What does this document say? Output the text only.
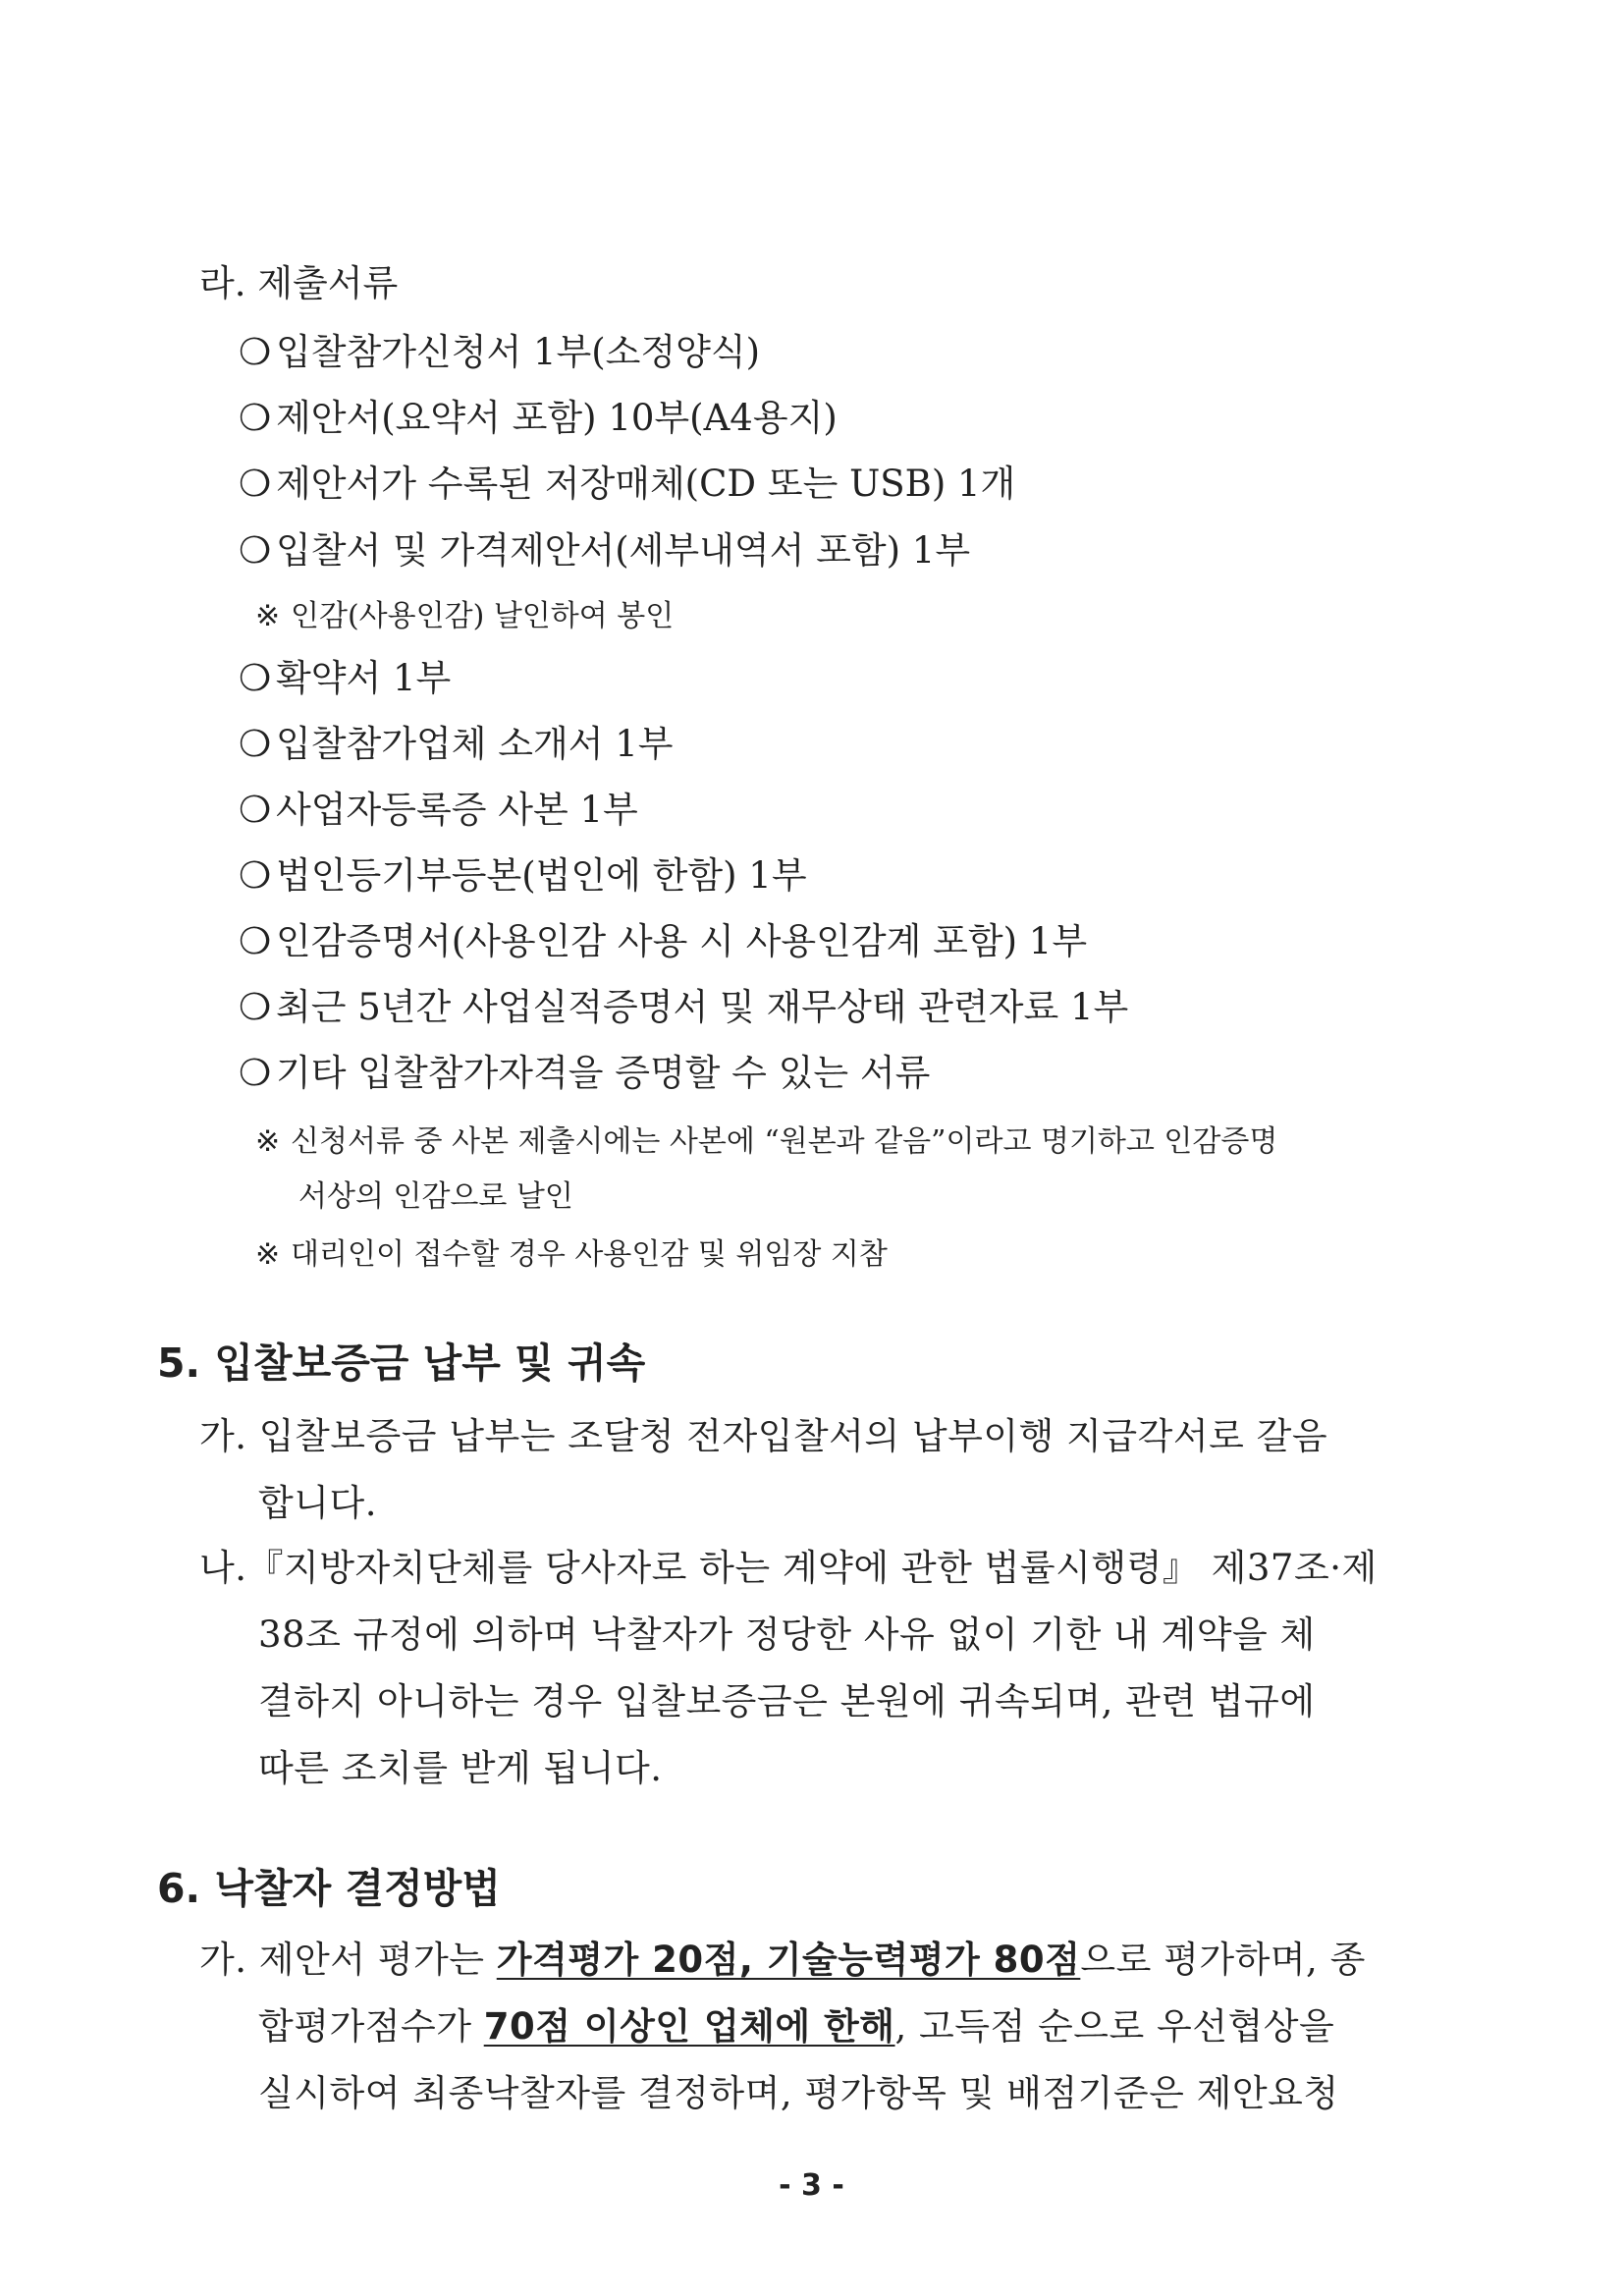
라. 제출서류
❍ 입찰참가신청서 1부(소정양식)
❍ 제안서(요약서 포함) 10부(A4용지)
❍ 제안서가 수록된 저장매체(CD 또는 USB) 1개
❍ 입찰서 및 가격제안서(세부내역서 포함) 1부
※ 인감(사용인감) 날인하여 봉인
❍ 확약서 1부
❍ 입찰참가업체 소개서 1부
❍ 사업자등록증 사본 1부
❍ 법인등기부등본(법인에 한함) 1부
❍ 인감증명서(사용인감 사용 시 사용인감계 포함) 1부
❍ 최근 5년간 사업실적증명서 및 재무상태 관련자료 1부
❍ 기타 입찰참가자격을 증명할 수 있는 서류
※ 신청서류 중 사본 제출시에는 사본에 “원본과 같음”이라고 명기하고 인감증명
서상의 인감으로 날인
※ 대리인이 접수할 경우 사용인감 및 위임장 지참
5. 입찰보증금 납부 및 귀속
가. 입찰보증금 납부는 조달청 전자입찰서의 납부이행 지급각서로 갈음
합니다.
나.『지방자치단체를 당사자로 하는 계약에 관한 법률시행령』 제37조·제
38조 규정에 의하며 낙찰자가 정당한 사유 없이 기한 내 계약을 체
결하지 아니하는 경우 입찰보증금은 본원에 귀속되며, 관련 법규에
따른 조치를 받게 됩니다.
6. 낙찰자 결정방법
가. 제안서 평가는 가격평가 20점, 기술능력평가 80점으로 평가하며, 종
합평가점수가 70점 이상인 업체에 한해, 고득점 순으로 우선협상을
실시하여 최종낙찰자를 결정하며, 평가항목 및 배점기준은 제안요청
- 3 -
